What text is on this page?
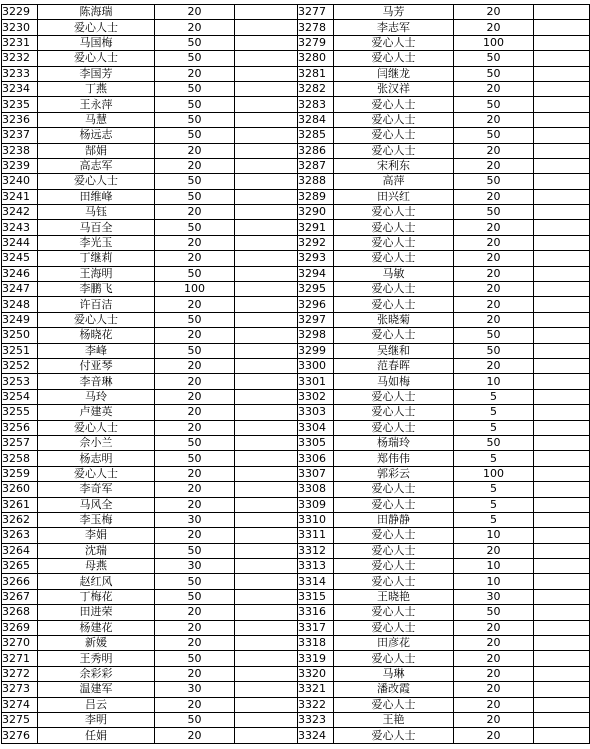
3229	陈海瑞	20		3277	马芳	20	
3230	爱心人士	20		3278	李志军	20	
3231	马国梅	50		3279	爱心人士	100	
3232	爱心人士	50		3280	爱心人士	50	
3233	李国芳	20		3281	闫继龙	50	
3234	丁燕	50		3282	张汉祥	20	
3235	王永萍	50		3283	爱心人士	50	
3236	马慧	50		3284	爱心人士	20	
3237	杨远志	50		3285	爱心人士	50	
3238	郜娟	20		3286	爱心人士	20	
3239	高志军	20		3287	宋利东	20	
3240	爱心人士	50		3288	高萍	50	
3241	田维峰	50		3289	田兴红	20	
3242	马钰	20		3290	爱心人士	50	
3243	马百全	50		3291	爱心人士	20	
3244	李光玉	20		3292	爱心人士	20	
3245	丁继莉	20		3293	爱心人士	20	
3246	王海明	50		3294	马敏	20	
3247	李鹏飞	100		3295	爱心人士	20	
3248	许百洁	20		3296	爱心人士	20	
3249	爱心人士	50		3297	张晓菊	20	
3250	杨晓花	20		3298	爱心人士	50	
3251	李峰	50		3299	吴继和	50	
3252	付亚琴	20		3300	范春晖	20	
3253	李音琳	20		3301	马如梅	10	
3254	马玲	20		3302	爱心人士	5	
3255	卢建英	20		3303	爱心人士	5	
3256	爱心人士	20		3304	爱心人士	5	
3257	佘小兰	50		3305	杨瑞玲	50	
3258	杨志明	50		3306	郑伟伟	5	
3259	爱心人士	20		3307	郭彩云	100	
3260	李奇军	20		3308	爱心人士	5	
3261	马风全	20		3309	爱心人士	5	
3262	李玉梅	30		3310	田静静	5	
3263	李娟	20		3311	爱心人士	10	
3264	沈瑞	50		3312	爱心人士	20	
3265	母燕	30		3313	爱心人士	10	
3266	赵红风	50		3314	爱心人士	10	
3267	丁梅花	50		3315	王晓艳	30	
3268	田进荣	20		3316	爱心人士	50	
3269	杨建花	20		3317	爱心人士	20	
3270	新媛	20		3318	田彦花	20	
3271	王秀明	50		3319	爱心人士	20	
3272	余彩彩	20		3320	马琳	20	
3273	温建军	30		3321	潘改霞	20	
3274	吕云	20		3322	爱心人士	20	
3275	李明	50		3323	王艳	20	
3276	任娟	20		3324	爱心人士	20	
